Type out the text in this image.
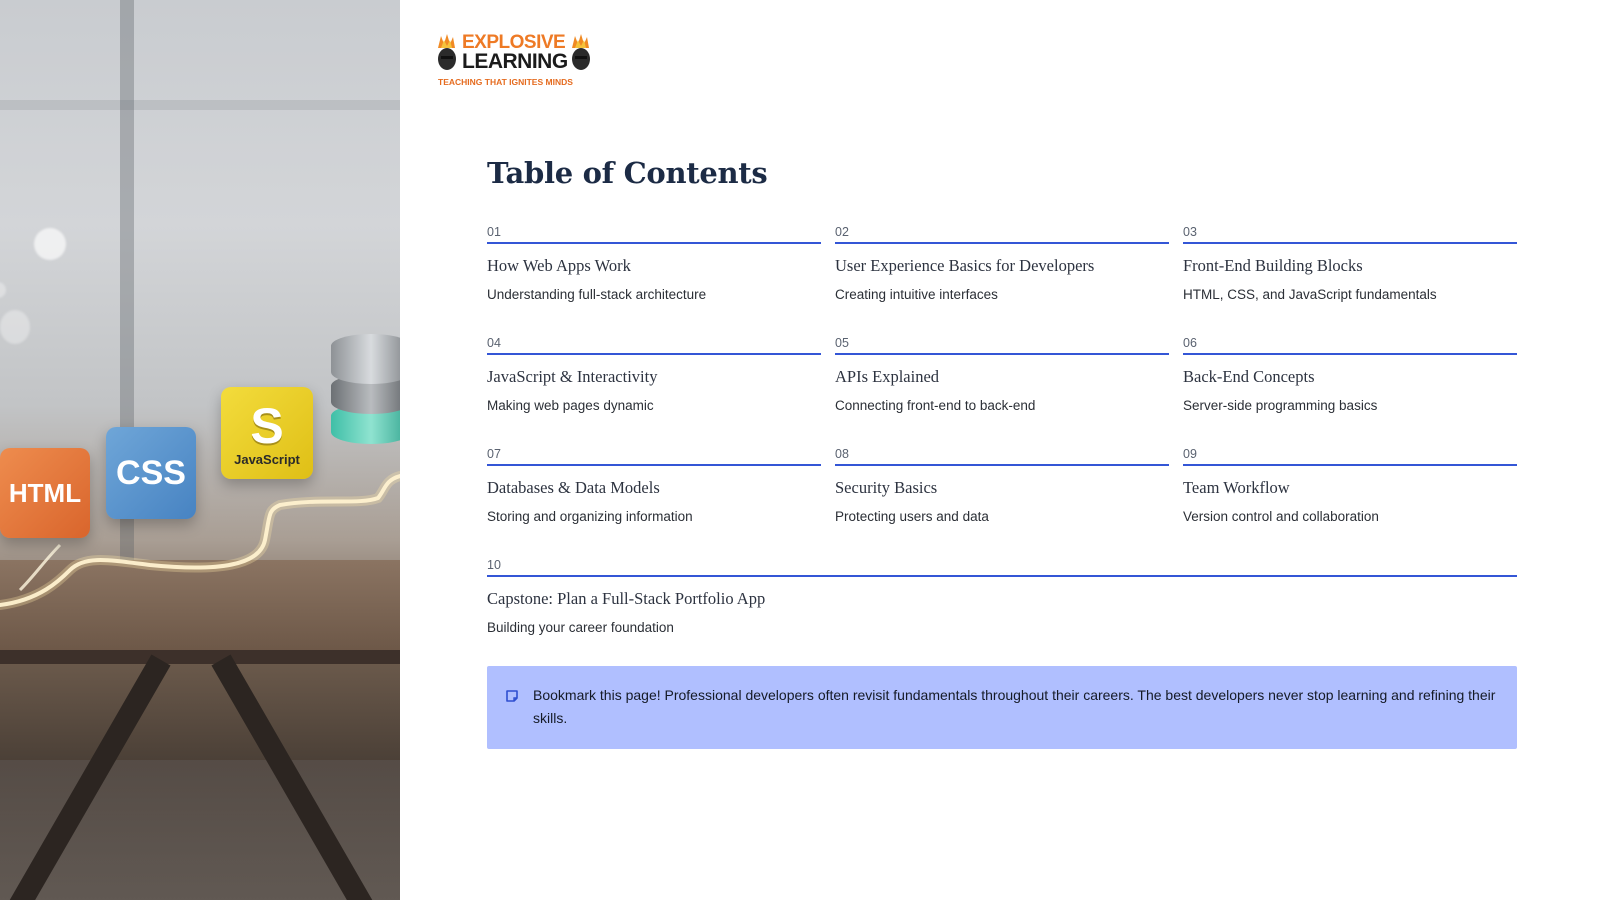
HTML
CSS
S
JavaScript
EXPLOSIVE
LEARNING
TEACHING THAT IGNITES MINDS
Table of Contents
01
How Web Apps Work
Understanding full-stack architecture
02
User Experience Basics for Developers
Creating intuitive interfaces
03
Front-End Building Blocks
HTML, CSS, and JavaScript fundamentals
04
JavaScript & Interactivity
Making web pages dynamic
05
APIs Explained
Connecting front-end to back-end
06
Back-End Concepts
Server-side programming basics
07
Databases & Data Models
Storing and organizing information
08
Security Basics
Protecting users and data
09
Team Workflow
Version control and collaboration
10
Capstone: Plan a Full-Stack Portfolio App
Building your career foundation
Bookmark this page! Professional developers often revisit fundamentals throughout their careers. The best developers never stop learning and refining their skills.
